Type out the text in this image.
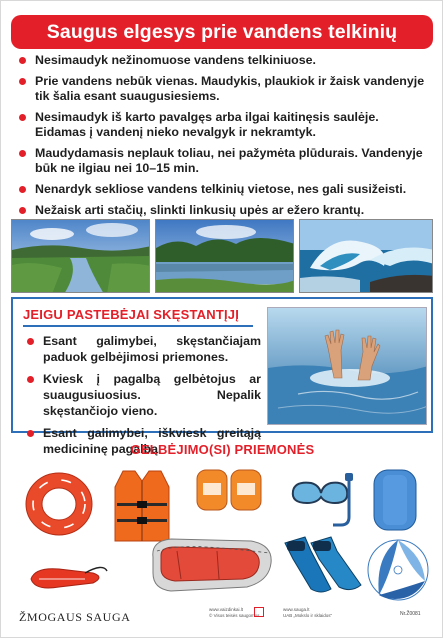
Saugus elgesys prie vandens telkinių
Nesimaudyk nežinomuose vandens telkiniuose.
Prie vandens nebūk vienas. Maudykis, plaukiok ir žaisk vandenyje tik šalia esant suaugusiesiems.
Nesimaudyk iš karto pavalgęs arba ilgai kaitinęsis saulėje. Eidamas į vandenį nieko nevalgyk ir nekramtyk.
Maudydamasis neplauk toliau, nei pažymėta plūdurais. Vandenyje būk ne ilgiau nei 10–15 min.
Nenardyk sekliose vandens telkinių vietose, nes gali susižeisti.
Nežaisk arti stačių, slinkti linkusių upės ar ežero krantų.
JEIGU PASTEBĖJAI SKĘSTANTĮJĮ
Esant galimybei, skęstančiajam paduok gelbėjimosi priemones.
Kviesk į pagalbą gelbėtojus ar suaugusiuosius. Nepalik skęstančiojo vieno.
Esant galimybei, iškviesk greitąją medicininę pagalbą.
GELBĖJIMO(SI) PRIEMONĖS
ŽMOGAUS SAUGA
www.vaizdinkai.lt
© Visos teisės saugomos
www.sauga.lt
UAB „Mokslo ir sklaidos"	Nr.Ž0081
